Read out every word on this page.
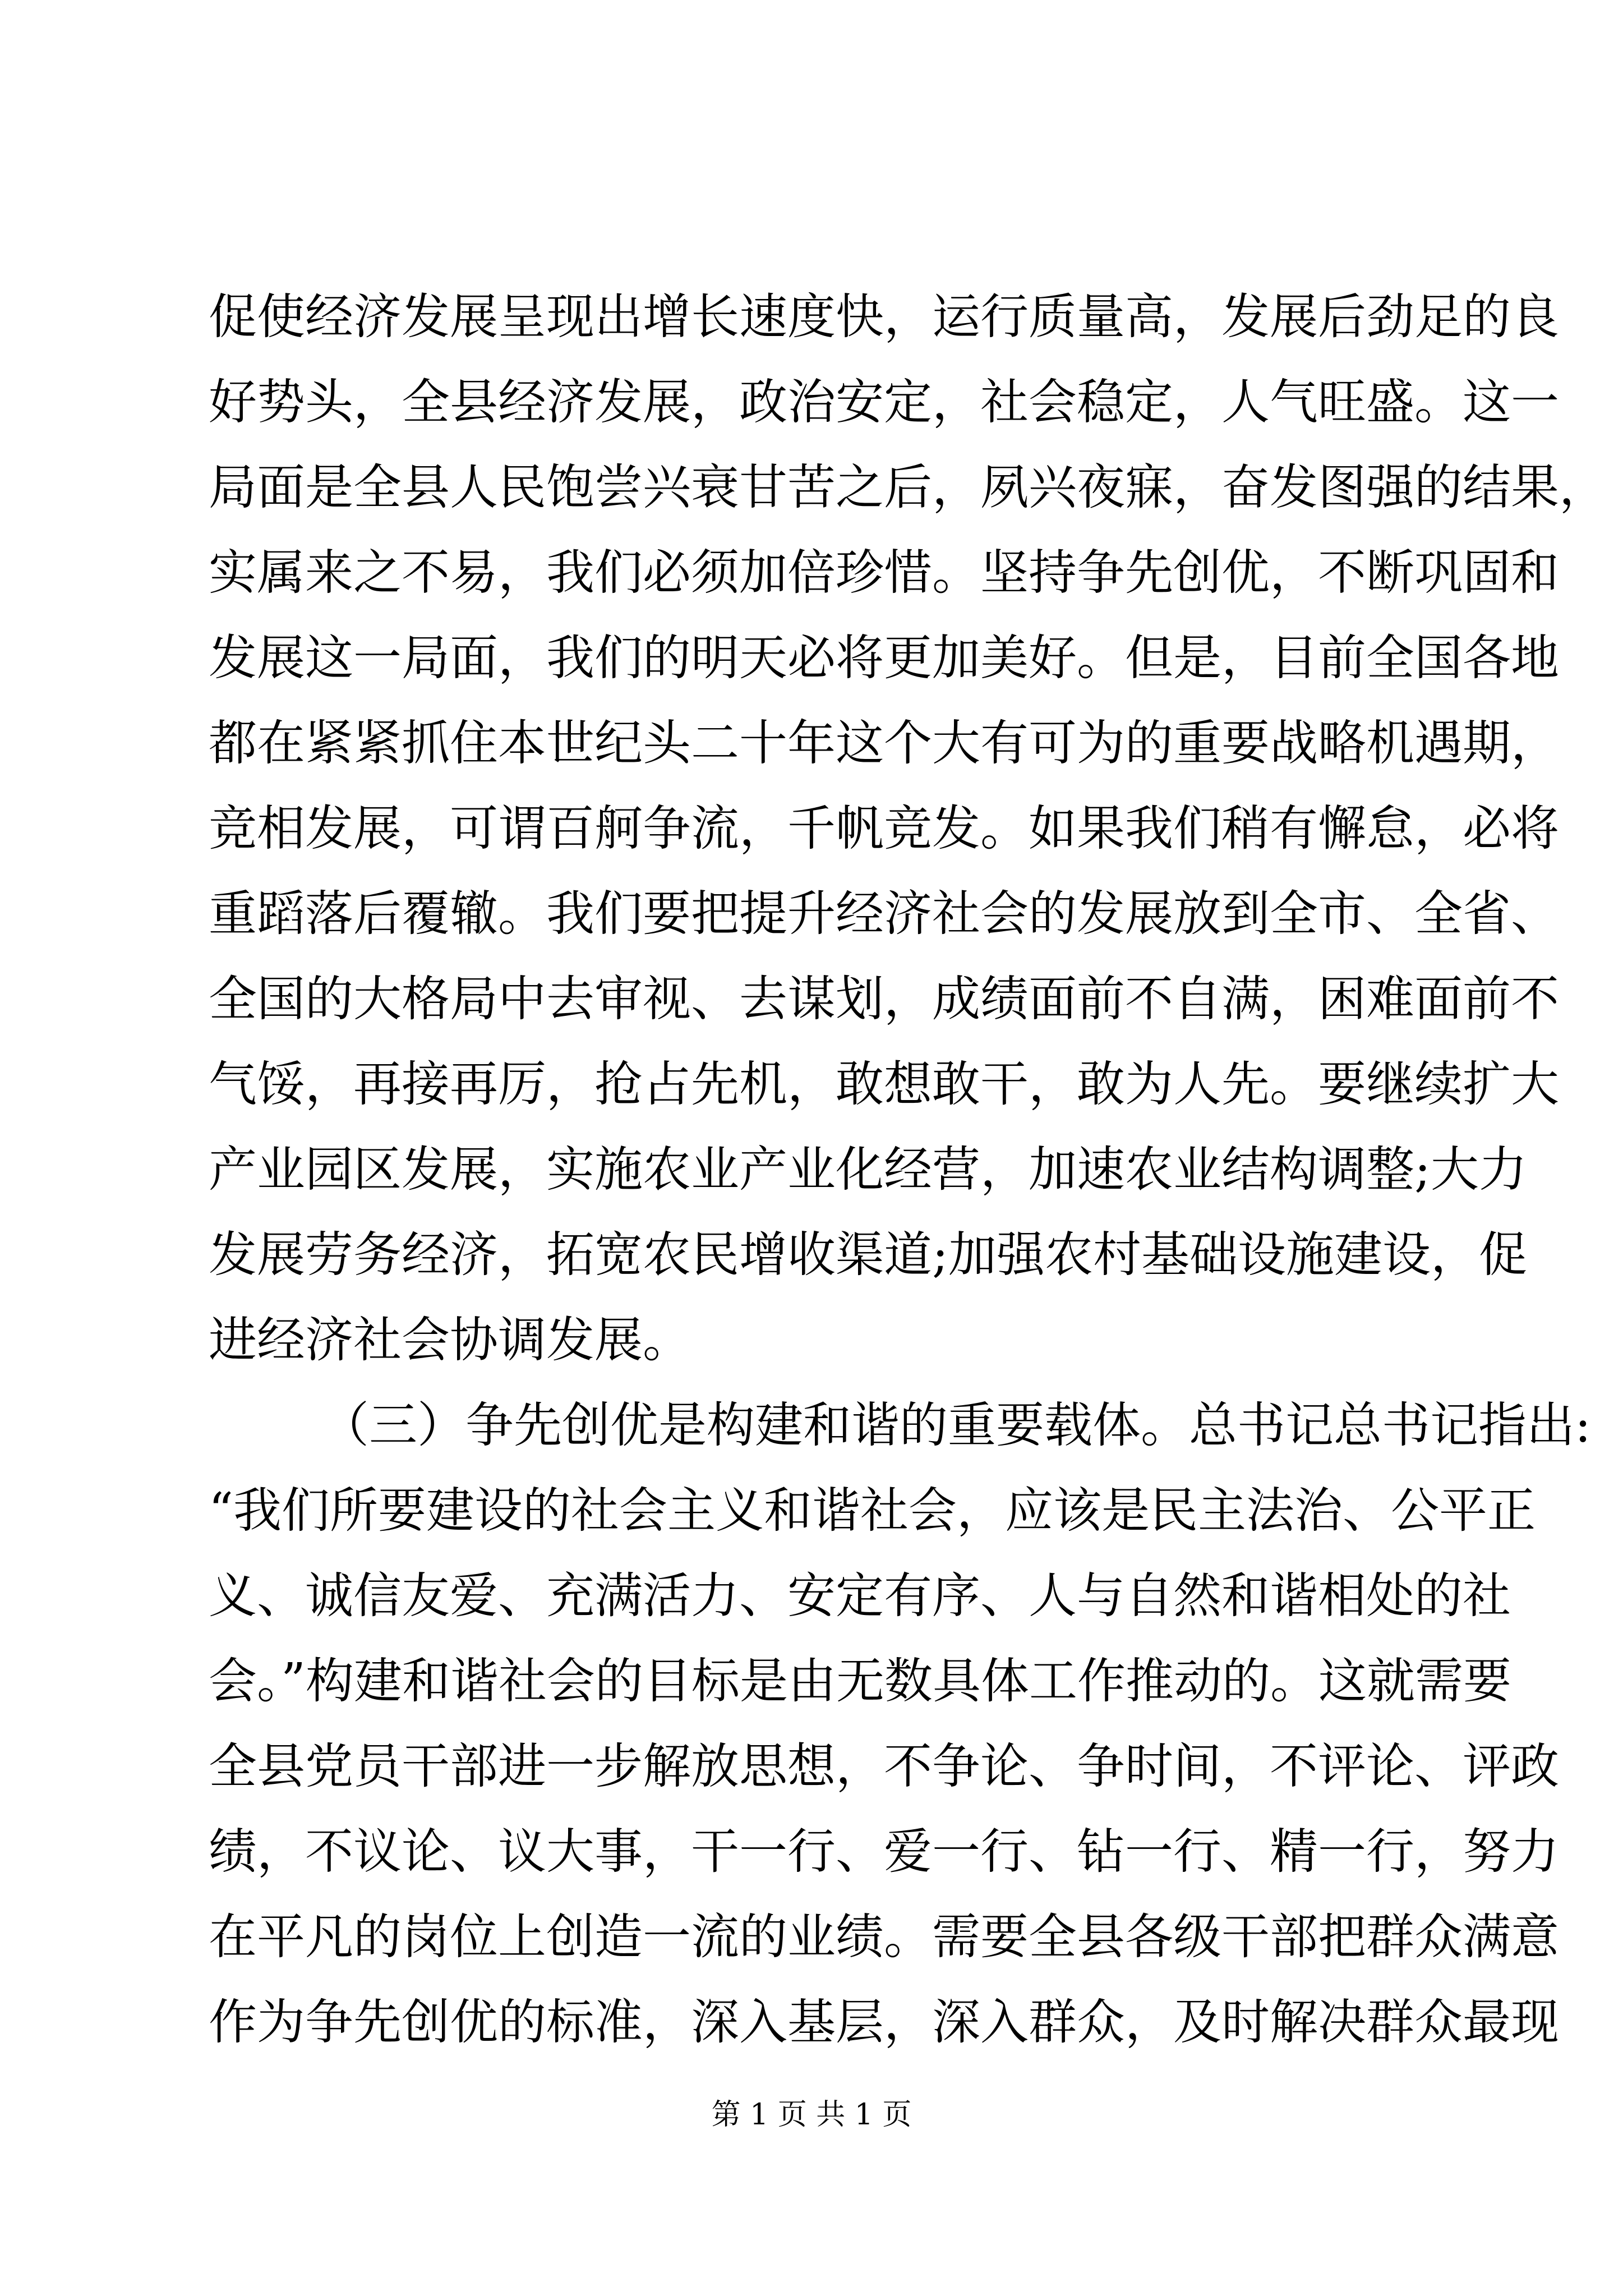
促使经济发展呈现出增长速度快，运行质量高，发展后劲足的良
好势头，全县经济发展，政治安定，社会稳定，人气旺盛。这一
局面是全县人民饱尝兴衰甘苦之后，夙兴夜寐，奋发图强的结果，
实属来之不易，我们必须加倍珍惜。坚持争先创优，不断巩固和
发展这一局面，我们的明天必将更加美好。但是，目前全国各地
都在紧紧抓住本世纪头二十年这个大有可为的重要战略机遇期，
竞相发展，可谓百舸争流，千帆竞发。如果我们稍有懈怠，必将
重蹈落后覆辙。我们要把提升经济社会的发展放到全市、全省、
全国的大格局中去审视、去谋划，成绩面前不自满，困难面前不
气馁，再接再厉，抢占先机，敢想敢干，敢为人先。要继续扩大
产业园区发展，实施农业产业化经营，加速农业结构调整;大力
发展劳务经济，拓宽农民增收渠道;加强农村基础设施建设，促
进经济社会协调发展。
（三）争先创优是构建和谐的重要载体。总书记总书记指出:
“我们所要建设的社会主义和谐社会，应该是民主法治、公平正
义、诚信友爱、充满活力、安定有序、人与自然和谐相处的社
会。”构建和谐社会的目标是由无数具体工作推动的。这就需要
全县党员干部进一步解放思想，不争论、争时间，不评论、评政
绩，不议论、议大事，干一行、爱一行、钻一行、精一行，努力
在平凡的岗位上创造一流的业绩。需要全县各级干部把群众满意
作为争先创优的标准，深入基层，深入群众，及时解决群众最现
第 1 页 共 1 页
